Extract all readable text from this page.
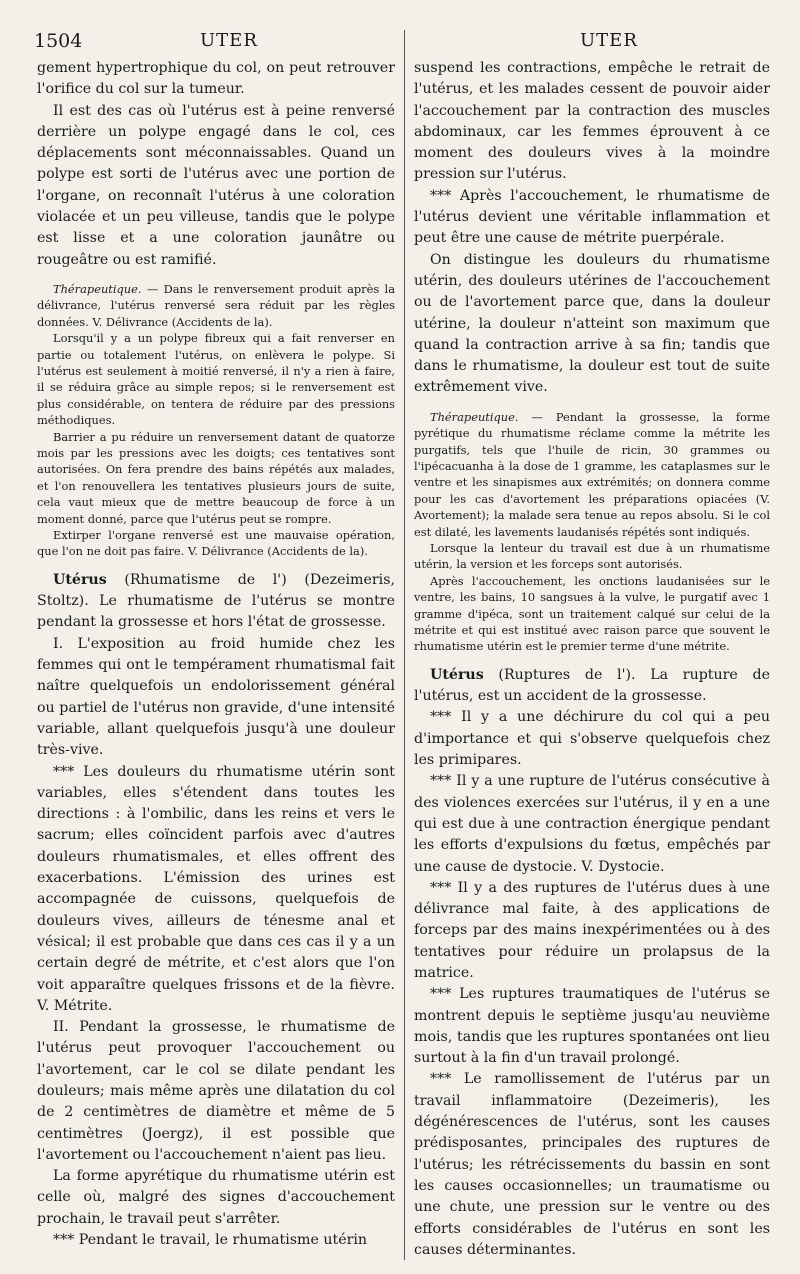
1504	UTER	UTER

gement hypertrophique du col, on peut retrouver l'orifice du col sur la tumeur.

Il est des cas où l'utérus est à peine renversé derrière un polype engagé dans le col, ces déplacements sont méconnaissables. Quand un polype est sorti de l'utérus avec une portion de l'organe, on reconnaît l'utérus à une coloration violacée et un peu villeuse, tandis que le polype est lisse et a une coloration jaunâtre ou rougeâtre ou est ramifié.

Thérapeutique. — Dans le renversement produit après la délivrance, l'utérus renversé sera réduit par les règles données. V. Délivrance (Accidents de la).

Lorsqu'il y a un polype fibreux qui a fait renverser en partie ou totalement l'utérus, on enlèvera le polype. Si l'utérus est seulement à moitié renversé, il n'y a rien à faire, il se réduira grâce au simple repos; si le renversement est plus considérable, on tentera de réduire par des pressions méthodiques.

Barrier a pu réduire un renversement datant de quatorze mois par les pressions avec les doigts; ces tentatives sont autorisées. On fera prendre des bains répétés aux malades, et l'on renouvellera les tentatives plusieurs jours de suite, cela vaut mieux que de mettre beaucoup de force à un moment donné, parce que l'utérus peut se rompre.

Extirper l'organe renversé est une mauvaise opération, que l'on ne doit pas faire. V. Délivrance (Accidents de la).

Utérus (Rhumatisme de l') (Dezeimeris, Stoltz). Le rhumatisme de l'utérus se montre pendant la grossesse et hors l'état de grossesse.

I. L'exposition au froid humide chez les femmes qui ont le tempérament rhumatismal fait naître quelquefois un endolorissement général ou partiel de l'utérus non gravide, d'une intensité variable, allant quelquefois jusqu'à une douleur très-vive.

*** Les douleurs du rhumatisme utérin sont variables, elles s'étendent dans toutes les directions : à l'ombilic, dans les reins et vers le sacrum; elles coïncident parfois avec d'autres douleurs rhumatismales, et elles offrent des exacerbations. L'émission des urines est accompagnée de cuissons, quelquefois de douleurs vives, ailleurs de ténesme anal et vésical; il est probable que dans ces cas il y a un certain degré de métrite, et c'est alors que l'on voit apparaître quelques frissons et de la fièvre. V. Métrite.

II. Pendant la grossesse, le rhumatisme de l'utérus peut provoquer l'accouchement ou l'avortement, car le col se dilate pendant les douleurs; mais même après une dilatation du col de 2 centimètres de diamètre et même de 5 centimètres (Joergz), il est possible que l'avortement ou l'accouchement n'aient pas lieu.

La forme apyrétique du rhumatisme utérin est celle où, malgré des signes d'accouchement prochain, le travail peut s'arrêter.

*** Pendant le travail, le rhumatisme utérin

suspend les contractions, empêche le retrait de l'utérus, et les malades cessent de pouvoir aider l'accouchement par la contraction des muscles abdominaux, car les femmes éprouvent à ce moment des douleurs vives à la moindre pression sur l'utérus.

*** Après l'accouchement, le rhumatisme de l'utérus devient une véritable inflammation et peut être une cause de métrite puerpérale.

On distingue les douleurs du rhumatisme utérin, des douleurs utérines de l'accouchement ou de l'avortement parce que, dans la douleur utérine, la douleur n'atteint son maximum que quand la contraction arrive à sa fin; tandis que dans le rhumatisme, la douleur est tout de suite extrêmement vive.

Thérapeutique. — Pendant la grossesse, la forme pyrétique du rhumatisme réclame comme la métrite les purgatifs, tels que l'huile de ricin, 30 grammes ou l'ipécacuanha à la dose de 1 gramme, les cataplasmes sur le ventre et les sinapismes aux extrémités; on donnera comme pour les cas d'avortement les préparations opiacées (V. Avortement); la malade sera tenue au repos absolu. Si le col est dilaté, les lavements laudanisés répétés sont indiqués.

Lorsque la lenteur du travail est due à un rhumatisme utérin, la version et les forceps sont autorisés.

Après l'accouchement, les onctions laudanisées sur le ventre, les bains, 10 sangsues à la vulve, le purgatif avec 1 gramme d'ipéca, sont un traitement calqué sur celui de la métrite et qui est institué avec raison parce que souvent le rhumatisme utérin est le premier terme d'une métrite.

Utérus (Ruptures de l'). La rupture de l'utérus, est un accident de la grossesse.

*** Il y a une déchirure du col qui a peu d'importance et qui s'observe quelquefois chez les primipares.

*** Il y a une rupture de l'utérus consécutive à des violences exercées sur l'utérus, il y en a une qui est due à une contraction énergique pendant les efforts d'expulsions du fœtus, empêchés par une cause de dystocie. V. Dystocie.

*** Il y a des ruptures de l'utérus dues à une délivrance mal faite, à des applications de forceps par des mains inexpérimentées ou à des tentatives pour réduire un prolapsus de la matrice.

*** Les ruptures traumatiques de l'utérus se montrent depuis le septième jusqu'au neuvième mois, tandis que les ruptures spontanées ont lieu surtout à la fin d'un travail prolongé.

*** Le ramollissement de l'utérus par un travail inflammatoire (Dezeimeris), les dégénérescences de l'utérus, sont les causes prédisposantes, principales des ruptures de l'utérus; les rétrécissements du bassin en sont les causes occasionnelles; un traumatisme ou une chute, une pression sur le ventre ou des efforts considérables de l'utérus en sont les causes déterminantes.
